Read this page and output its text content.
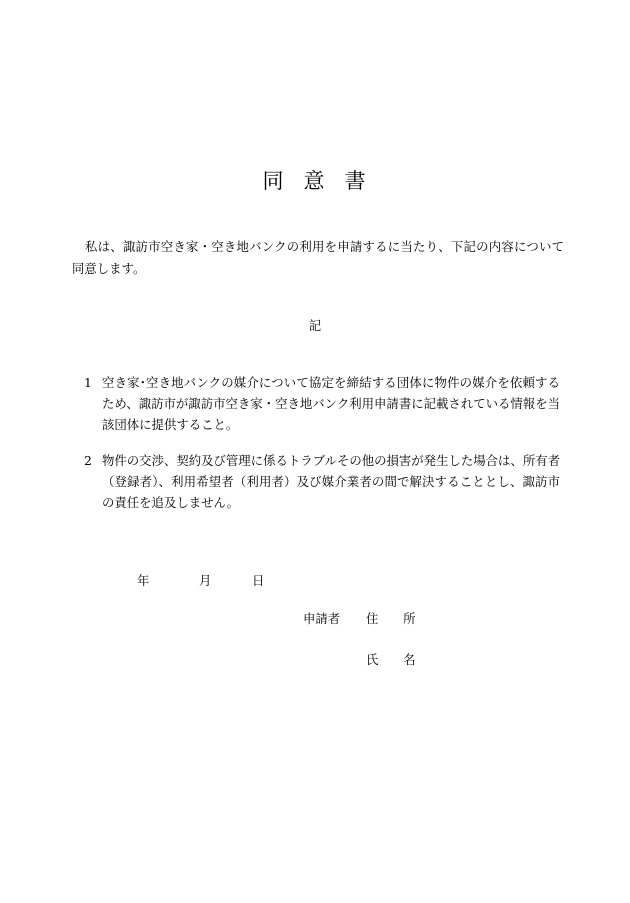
同 意 書
私は、諏訪市空き家・空き地バンクの利用を申請するに当たり、下記の内容について同意します。
記
1 空き家･空き地バンクの媒介について協定を締結する団体に物件の媒介を依頼するため、諏訪市が諏訪市空き家・空き地バンク利用申請書に記載されている情報を当該団体に提供すること。
2 物件の交渉、契約及び管理に係るトラブルその他の損害が発生した場合は、所有者（登録者）、利用希望者（利用者）及び媒介業者の間で解決することとし、諏訪市の責任を追及しません。
年	月	日
申請者 住　　所
氏　　名
